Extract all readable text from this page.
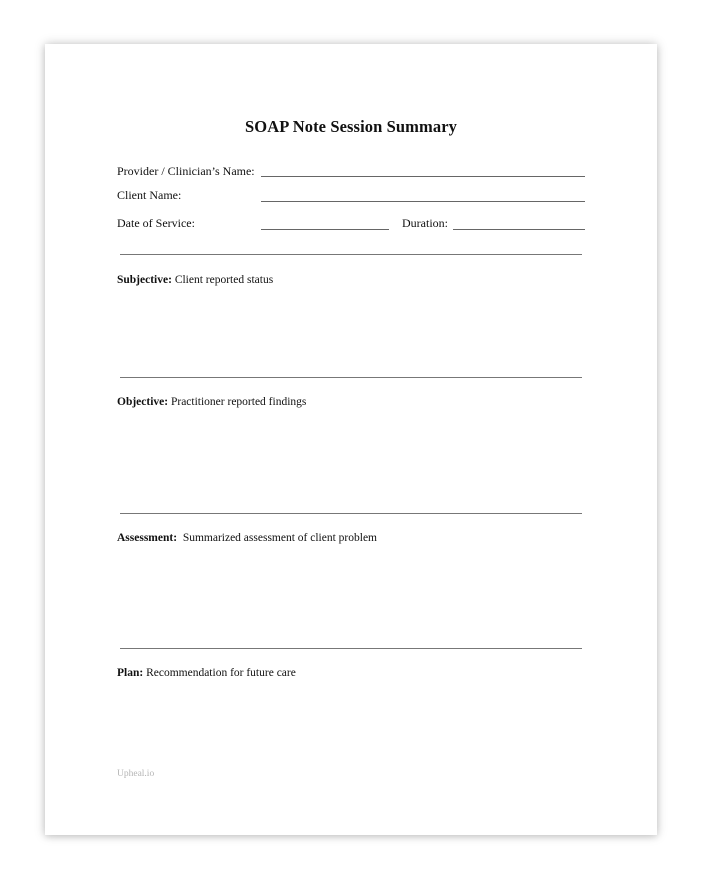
SOAP Note Session Summary
Provider / Clinician’s Name:
Client Name:
Date of Service:	Duration:
Subjective: Client reported status
Objective: Practitioner reported findings
Assessment:  Summarized assessment of client problem
Plan: Recommendation for future care
Upheal.io
